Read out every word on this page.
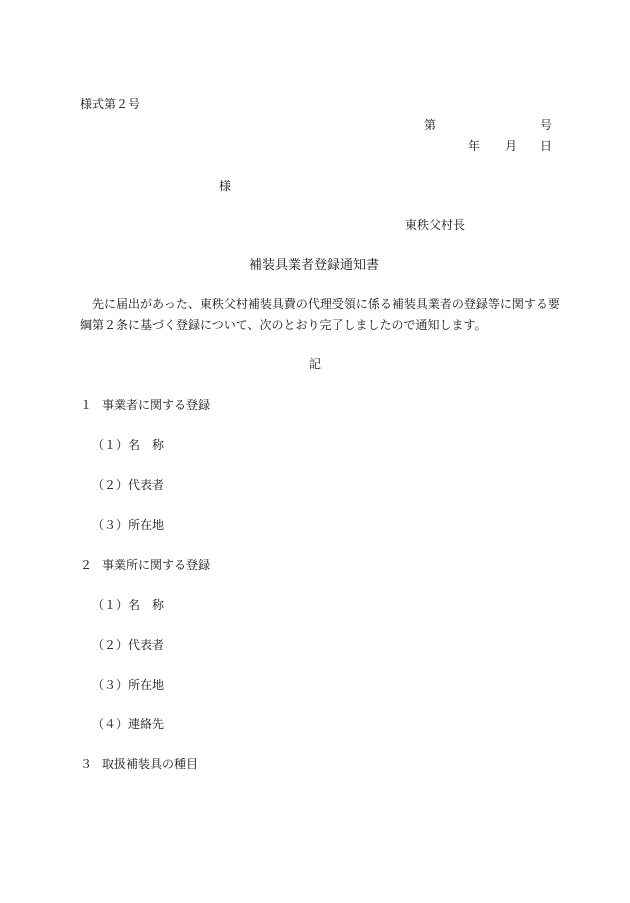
様式第２号
第	号
年 月 日
様
東秩父村長
補装具業者登録通知書
先に届出があった、東秩父村補装具費の代理受領に係る補装具業者の登録等に関する要
綱第２条に基づく登録について、次のとおり完了しましたので通知します。
記
１ 事業者に関する登録
（１）名　称
（２）代表者
（３）所在地
２ 事業所に関する登録
（１）名　称
（２）代表者
（３）所在地
（４）連絡先
３ 取扱補装具の種目
